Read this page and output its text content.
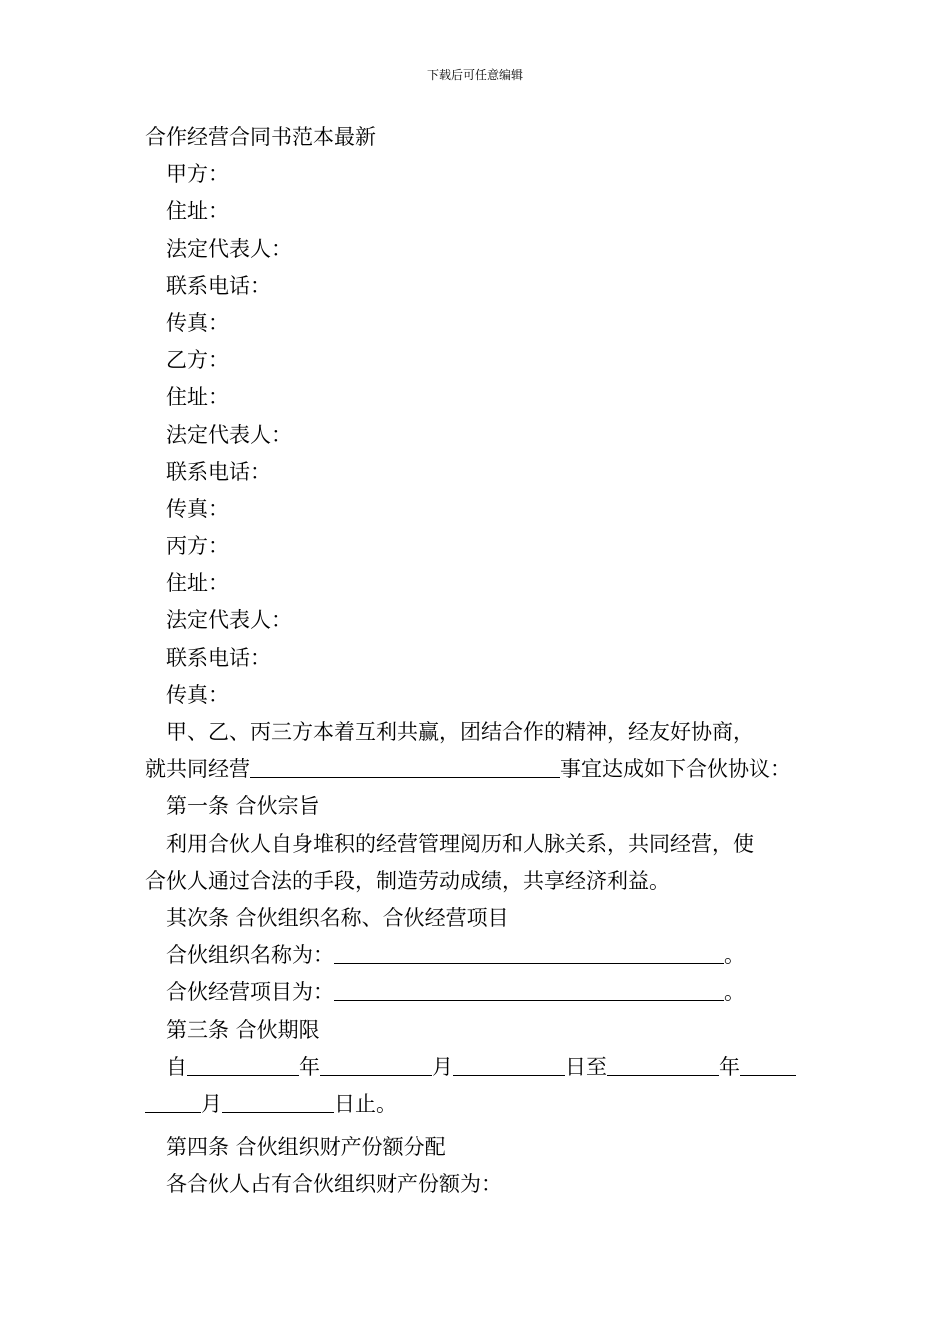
下载后可任意编辑
合作经营合同书范本最新
甲方：
住址：
法定代表人：
联系电话：
传真：
乙方：
住址：
法定代表人：
联系电话：
传真：
丙方：
住址：
法定代表人：
联系电话：
传真：
甲、乙、丙三方本着互利共赢，团结合作的精神，经友好协商，
就共同经营	事宜达成如下合伙协议：
第一条 合伙宗旨
利用合伙人自身堆积的经营管理阅历和人脉关系，共同经营，使
合伙人通过合法的手段，制造劳动成绩，共享经济利益。
其次条 合伙组织名称、合伙经营项目
合伙组织名称为：	。
合伙经营项目为：	。
第三条 合伙期限
自	年	月	日至	年
月	日止。
第四条 合伙组织财产份额分配
各合伙人占有合伙组织财产份额为：
